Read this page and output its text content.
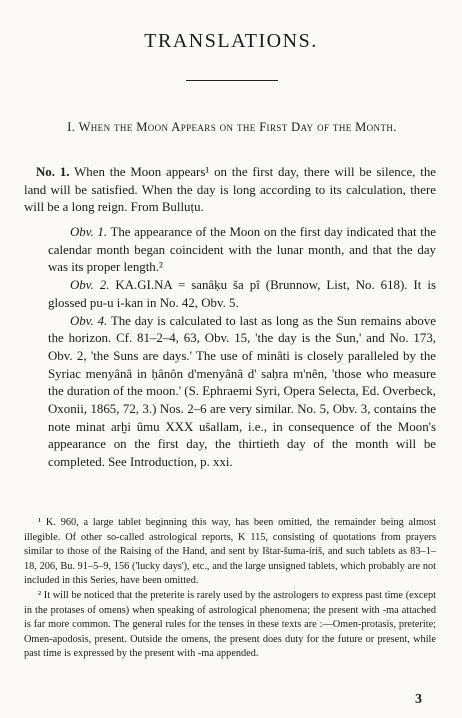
TRANSLATIONS.
I. When the Moon Appears on the First Day of the Month.

No. 1. When the Moon appears¹ on the first day, there will be silence, the land will be satisfied. When the day is long according to its calculation, there will be a long reign. From Bulluṭu.

Obv. 1. The appearance of the Moon on the first day indicated that the calendar month began coincident with the lunar month, and that the day was its proper length.²

Obv. 2. KA.GI.NA = sanâḳu ša pî (Brunnow, List, No. 618). It is glossed pu-u i-kan in No. 42, Obv. 5.

Obv. 4. The day is calculated to last as long as the Sun remains above the horizon. Cf. 81–2–4, 63, Obv. 15, 'the day is the Sun,' and No. 173, Obv. 2, 'the Suns are days.' The use of minâti is closely paralleled by the Syriac menyânâ in ḥânôn d'menyânâ d' saḥra m'nên, 'those who measure the duration of the moon.' (S. Ephraemi Syri, Opera Selecta, Ed. Overbeck, Oxonii, 1865, 72, 3.) Nos. 2–6 are very similar. No. 5, Obv. 3, contains the note minat arḫi ûmu XXX ušallam, i.e., in consequence of the Moon's appearance on the first day, the thirtieth day of the month will be completed. See Introduction, p. xxi.

¹ K. 960, a large tablet beginning this way, has been omitted, the remainder being almost illegible. Of other so-called astrological reports, K 115, consisting of quotations from prayers similar to those of the Raising of the Hand, and sent by Ištar-šuma-íriš, and such tablets as 83–1–18, 206, Bu. 91–5–9, 156 ('lucky days'), etc., and the large unsigned tablets, which probably are not included in this Series, have been omitted.

² It will be noticed that the preterite is rarely used by the astrologers to express past time (except in the protases of omens) when speaking of astrological phenomena; the present with -ma attached is far more common. The general rules for the tenses in these texts are :—Omen-protasis, preterite; Omen-apodosis, present. Outside the omens, the present does duty for the future or present, while past time is expressed by the present with -ma appended.

3
